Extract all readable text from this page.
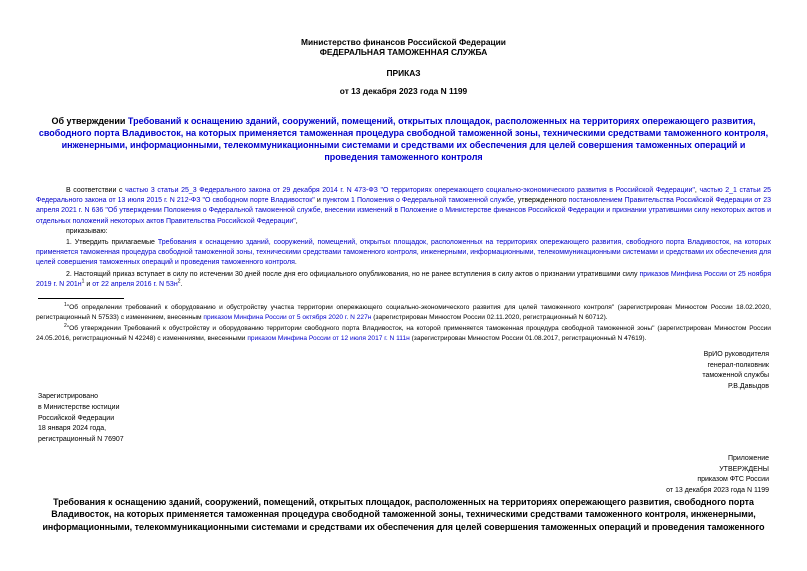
Министерство финансов Российской Федерации
ФЕДЕРАЛЬНАЯ ТАМОЖЕННАЯ СЛУЖБА
ПРИКАЗ
от 13 декабря 2023 года N 1199
Об утверждении Требований к оснащению зданий, сооружений, помещений, открытых площадок, расположенных на территориях опережающего развития, свободного порта Владивосток, на которых применяется таможенная процедура свободной таможенной зоны, техническими средствами таможенного контроля, инженерными, информационными, телекоммуникационными системами и средствами их обеспечения для целей совершения таможенных операций и проведения таможенного контроля
В соответствии с частью 3 статьи 25_3 Федерального закона от 29 декабря 2014 г. N 473-ФЗ "О территориях опережающего социально-экономического развития в Российской Федерации", частью 2_1 статьи 25 Федерального закона от 13 июля 2015 г. N 212-ФЗ "О свободном порте Владивосток" и пунктом 1 Положения о Федеральной таможенной службе, утвержденного постановлением Правительства Российской Федерации от 23 апреля 2021 г. N 636 "Об утверждении Положения о Федеральной таможенной службе, внесении изменений в Положение о Министерстве финансов Российской Федерации и признании утратившими силу некоторых актов и отдельных положений некоторых актов Правительства Российской Федерации",
приказываю:
1. Утвердить прилагаемые Требования к оснащению зданий, сооружений, помещений, открытых площадок, расположенных на территориях опережающего развития, свободного порта Владивосток, на которых применяется таможенная процедура свободной таможенной зоны, техническими средствами таможенного контроля, инженерными, информационными, телекоммуникационными системами и средствами их обеспечения для целей совершения таможенных операций и проведения таможенного контроля.
2. Настоящий приказ вступает в силу по истечении 30 дней после дня его официального опубликования, но не ранее вступления в силу актов о признании утратившими силу приказов Минфина России от 25 ноября 2019 г. N $201н^1$ и от 22 апреля 2016 г. N $53н^2$.
$^1$"Об определении требований к оборудованию и обустройству участка территории опережающего социально-экономического развития для целей таможенного контроля" (зарегистрирован Минюстом России 18.02.2020, регистрационный N 57533) с изменением, внесенным приказом Минфина России от 5 октября 2020 г. N 227н (зарегистрирован Минюстом России 02.11.2020, регистрационный N 60712).
$^2$"Об утверждении Требований к обустройству и оборудованию территории свободного порта Владивосток, на которой применяется таможенная процедура свободной таможенной зоны" (зарегистрирован Минюстом России 24.05.2016, регистрационный N 42248) с изменениями, внесенными приказом Минфина России от 12 июля 2017 г. N 111н (зарегистрирован Минюстом России 01.08.2017, регистрационный N 47619).
ВрИО руководителя
генерал-полковник
таможенной службы
Р.В.Давыдов
Зарегистрировано
в Министерстве юстиции
Российской Федерации
18 января 2024 года,
регистрационный N 76907
Приложение
УТВЕРЖДЕНЫ
приказом ФТС России
от 13 декабря 2023 года N 1199
Требования к оснащению зданий, сооружений, помещений, открытых площадок, расположенных на территориях опережающего развития, свободного порта Владивосток, на которых применяется таможенная процедура свободной таможенной зоны, техническими средствами таможенного контроля, инженерными, информационными, телекоммуникационными системами и средствами их обеспечения для целей совершения таможенных операций и проведения таможенного
